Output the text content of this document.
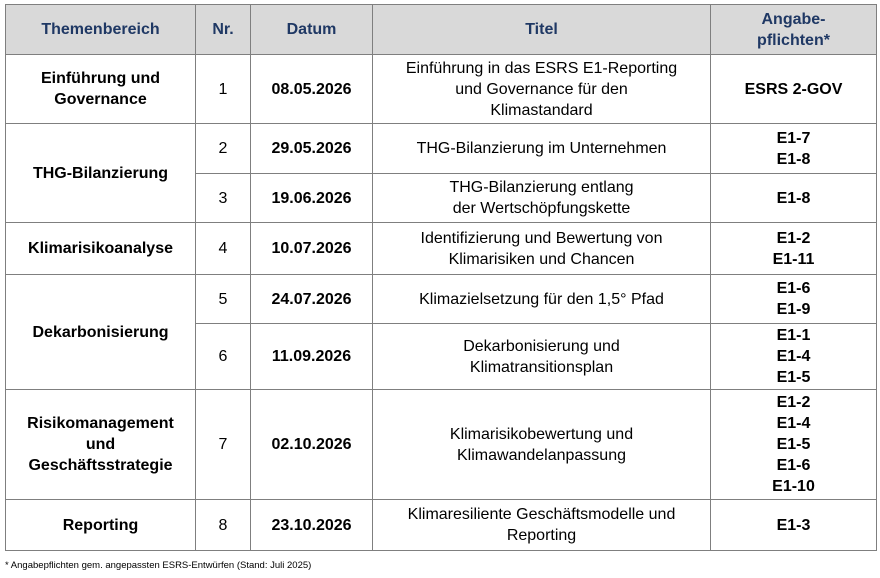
Themenbereich	Nr.	Datum	Titel	Angabe-
pflichten*

Einführung und
Governance	1	08.05.2026	Einführung in das ESRS E1-Reporting
und Governance für den
Klimastandard	ESRS 2-GOV

THG-Bilanzierung	2	29.05.2026	THG-Bilanzierung im Unternehmen	E1-7
E1-8

	3	19.06.2026	THG-Bilanzierung entlang
der Wertschöpfungskette	E1-8

Klimarisikoanalyse	4	10.07.2026	Identifizierung und Bewertung von
Klimarisiken und Chancen	E1-2
E1-11

Dekarbonisierung	5	24.07.2026	Klimazielsetzung für den 1,5° Pfad	E1-6
E1-9

	6	11.09.2026	Dekarbonisierung und
Klimatransitionsplan	E1-1
E1-4
E1-5

Risikomanagement
und
Geschäftsstrategie	7	02.10.2026	Klimarisikobewertung und
Klimawandelanpassung	E1-2
E1-4
E1-5
E1-6
E1-10

Reporting	8	23.10.2026	Klimaresiliente Geschäftsmodelle und
Reporting	E1-3
* Angabepflichten gem. angepassten ESRS-Entwürfen (Stand: Juli 2025)
